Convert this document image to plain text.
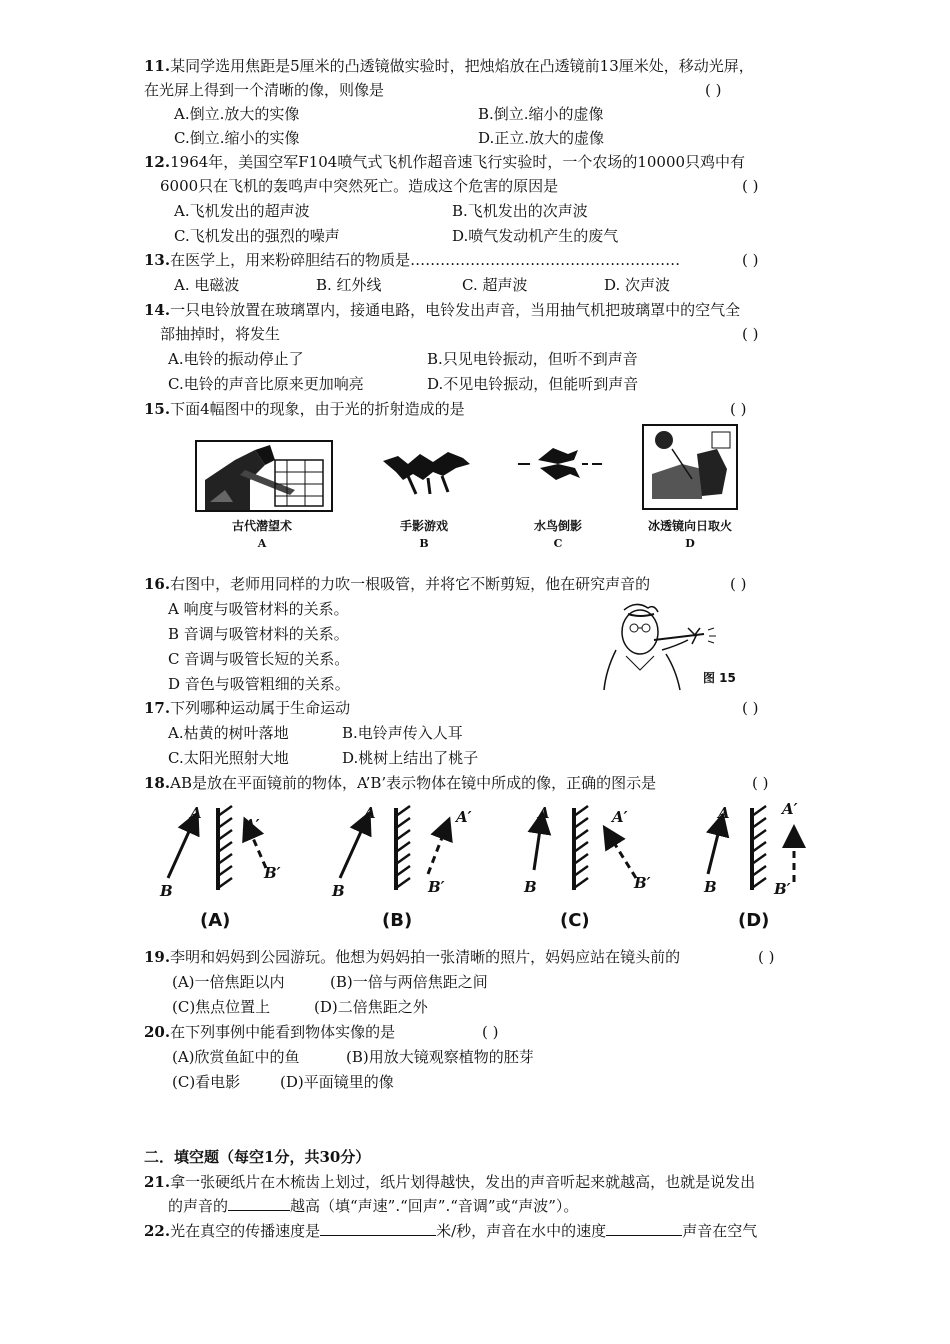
11.某同学选用焦距是5厘米的凸透镜做实验时，把烛焰放在凸透镜前13厘米处，移动光屏，
在光屏上得到一个清晰的像，则像是	( )
A.倒立.放大的实像	B.倒立.缩小的虚像
C.倒立.缩小的实像	D.正立.放大的虚像
12.1964年，美国空军F104喷气式飞机作超音速飞行实验时，一个农场的10000只鸡中有
6000只在飞机的轰鸣声中突然死亡。造成这个危害的原因是	( )
A.飞机发出的超声波	B.飞机发出的次声波
C.飞机发出的强烈的噪声	D.喷气发动机产生的废气
13.在医学上，用来粉碎胆结石的物质是………………………………………………	( )
A. 电磁波	B. 红外线	C. 超声波	D. 次声波
14.一只电铃放置在玻璃罩内，接通电路，电铃发出声音，当用抽气机把玻璃罩中的空气全
部抽掉时，将发生	( )
A.电铃的振动停止了	B.只见电铃振动，但听不到声音
C.电铃的声音比原来更加响亮	D.不见电铃振动，但能听到声音
15.下面4幅图中的现象，由于光的折射造成的是	( )
古代潜望术	手影游戏	水鸟倒影	冰透镜向日取火
A	B	C	D
16.右图中，老师用同样的力吹一根吸管，并将它不断剪短，他在研究声音的	( )
A 响度与吸管材料的关系。
B 音调与吸管材料的关系。
C 音调与吸管长短的关系。
D 音色与吸管粗细的关系。	图 15
17.下列哪种运动属于生命运动	( )
A.枯黄的树叶落地	B.电铃声传入人耳
C.太阳光照射大地	D.桃树上结出了桃子
18.AB是放在平面镜前的物体，A’B’表示物体在镜中所成的像，正确的图示是	( )
A
B
A′
B′
A
B
A′
B′
A
B
A′
B′
A
B
A′
B′
(A)	(B)	(C)	(D)
19.李明和妈妈到公园游玩。他想为妈妈拍一张清晰的照片，妈妈应站在镜头前的	( )
(A)一倍焦距以内	(B)一倍与两倍焦距之间
(C)焦点位置上	(D)二倍焦距之外
20.在下列事例中能看到物体实像的是	( )
(A)欣赏鱼缸中的鱼	(B)用放大镜观察植物的胚芽
(C)看电影	(D)平面镜里的像
二．填空题（每空1分，共30分）
21.拿一张硬纸片在木梳齿上划过，纸片划得越快，发出的声音听起来就越高，也就是说发出
的声音的	越高（填“声速”.“回声”.“音调”或“声波”）。
22.光在真空的传播速度是	米/秒，声音在水中的速度	声音在空气
